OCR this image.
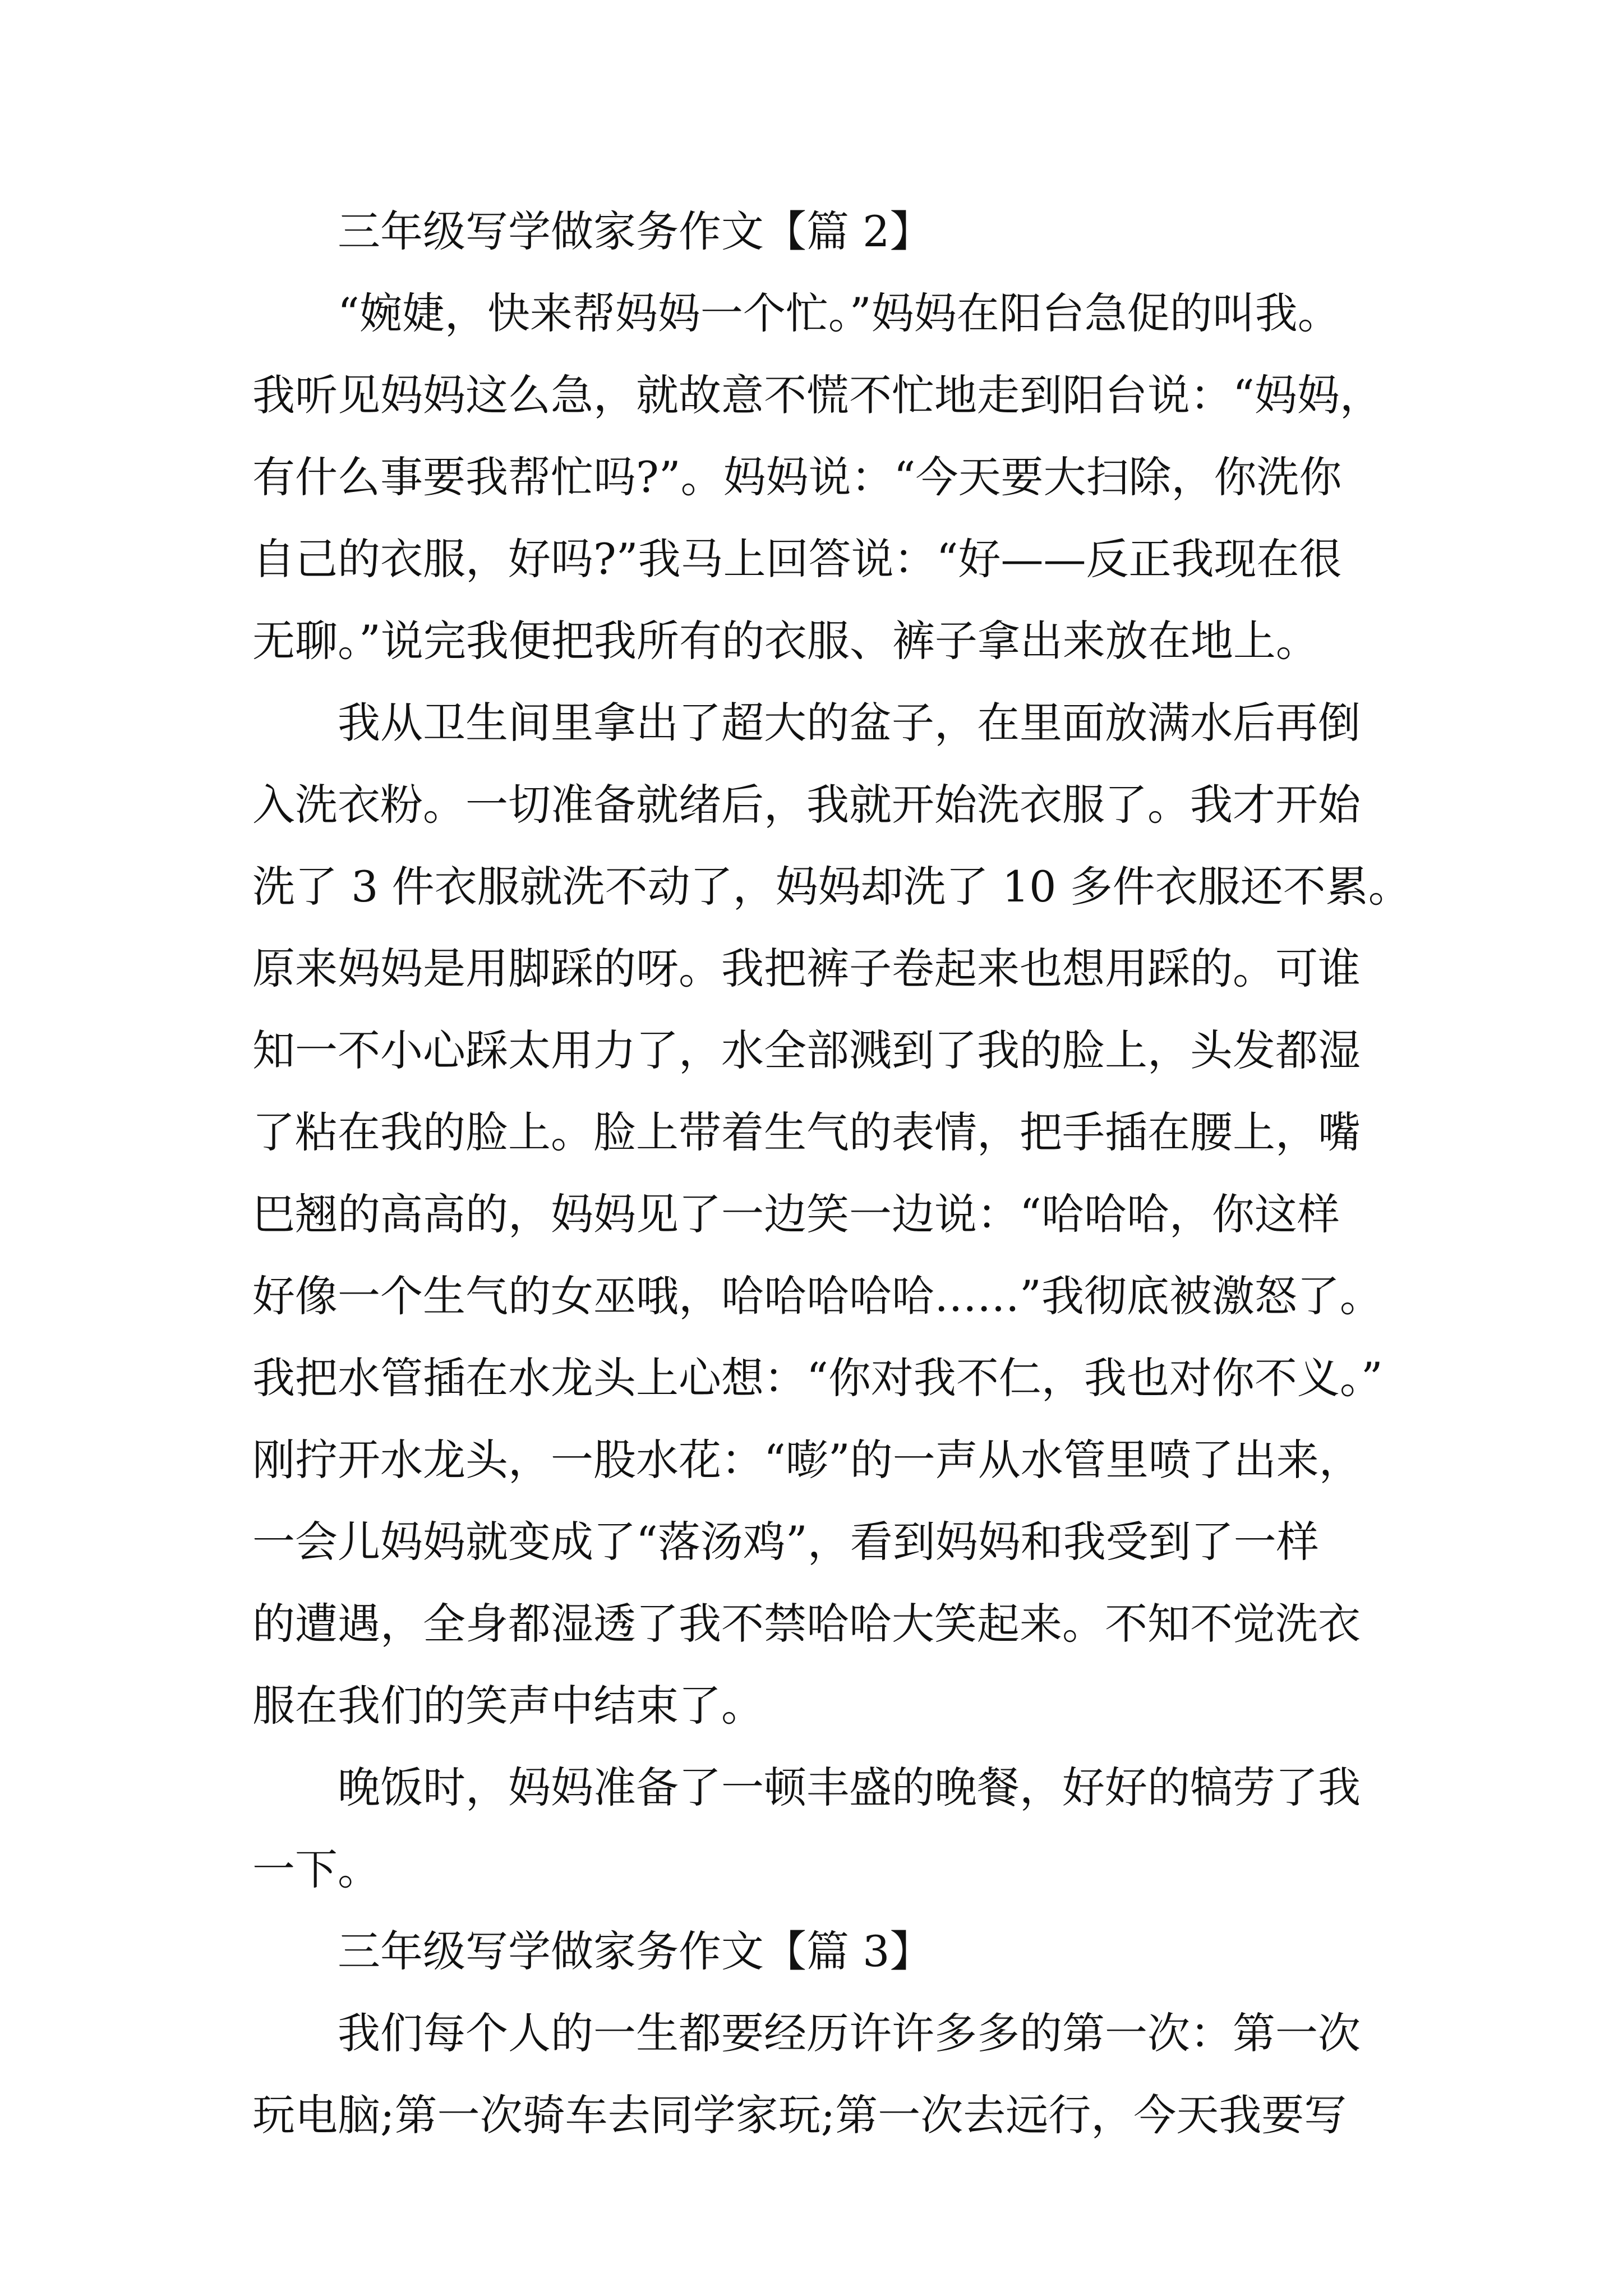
三年级写学做家务作文【篇 2】
“婉婕，快来帮妈妈一个忙。”妈妈在阳台急促的叫我。
我听见妈妈这么急，就故意不慌不忙地走到阳台说：“妈妈，
有什么事要我帮忙吗?”。妈妈说：“今天要大扫除，你洗你
自己的衣服，好吗?”我马上回答说：“好——反正我现在很
无聊。”说完我便把我所有的衣服、裤子拿出来放在地上。
我从卫生间里拿出了超大的盆子，在里面放满水后再倒
入洗衣粉。一切准备就绪后，我就开始洗衣服了。我才开始
洗了 3 件衣服就洗不动了，妈妈却洗了 10 多件衣服还不累。
原来妈妈是用脚踩的呀。我把裤子卷起来也想用踩的。可谁
知一不小心踩太用力了，水全部溅到了我的脸上，头发都湿
了粘在我的脸上。脸上带着生气的表情，把手插在腰上，嘴
巴翘的高高的，妈妈见了一边笑一边说：“哈哈哈，你这样
好像一个生气的女巫哦，哈哈哈哈哈……”我彻底被激怒了。
我把水管插在水龙头上心想：“你对我不仁，我也对你不义。”
刚拧开水龙头，一股水花：“嘭”的一声从水管里喷了出来，
一会儿妈妈就变成了“落汤鸡”，看到妈妈和我受到了一样
的遭遇，全身都湿透了我不禁哈哈大笑起来。不知不觉洗衣
服在我们的笑声中结束了。
晚饭时，妈妈准备了一顿丰盛的晚餐，好好的犒劳了我
一下。
三年级写学做家务作文【篇 3】
我们每个人的一生都要经历许许多多的第一次：第一次
玩电脑;第一次骑车去同学家玩;第一次去远行，今天我要写
